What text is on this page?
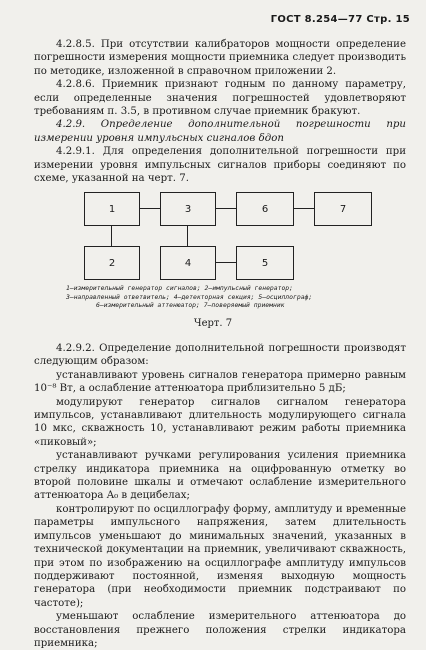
ГОСТ 8.254—77 Стр. 15

4.2.8.5. При отсутствии калибраторов мощности определение погрешности измерения мощности приемника следует производить по методике, изложенной в справочном приложении 2.

4.2.8.6. Приемник признают годным по данному параметру, если определенные значения погрешностей удовлетворяют требованиям п. 3.5, в противном случае приемник бракуют.

4.2.9. Определение дополнительной погрешности при измерении уровня импульсных сигналов δдоп

4.2.9.1. Для определения дополнительной погрешности при измерении уровня импульсных сигналов приборы соединяют по схеме, указанной на черт. 7.

1	3	6	7
2	4	5
1—измерительный генератор сигналов; 2—импульсный генератор;
3—направленный ответвитель; 4—детекторная секция; 5—осциллограф;
6—измерительный аттенюатор; 7—поверяемый приемник
Черт. 7

4.2.9.2. Определение дополнительной погрешности производят следующим образом:

устанавливают уровень сигналов генератора примерно равным 10⁻⁸ Вт, а ослабление аттенюатора приблизительно 5 дБ;

модулируют генератор сигналов сигналом генератора импульсов, устанавливают длительность модулирующего сигнала 10 мкс, скважность 10, устанавливают режим работы приемника «пиковый»;

устанавливают ручками регулирования усиления приемника стрелку индикатора приемника на оцифрованную отметку во второй половине шкалы и отмечают ослабление измерительного аттенюатора A₀ в децибелах;

контролируют по осциллографу форму, амплитуду и временные параметры импульсного напряжения, затем длительность импульсов уменьшают до минимальных значений, указанных в технической документации на приемник, увеличивают скважность, при этом по изображению на осциллографе амплитуду импульсов поддерживают постоянной, изменяя выходную мощность генератора (при необходимости приемник подстраивают по частоте);

уменьшают ослабление измерительного аттенюатора до восстановления прежнего положения стрелки индикатора приемника;
